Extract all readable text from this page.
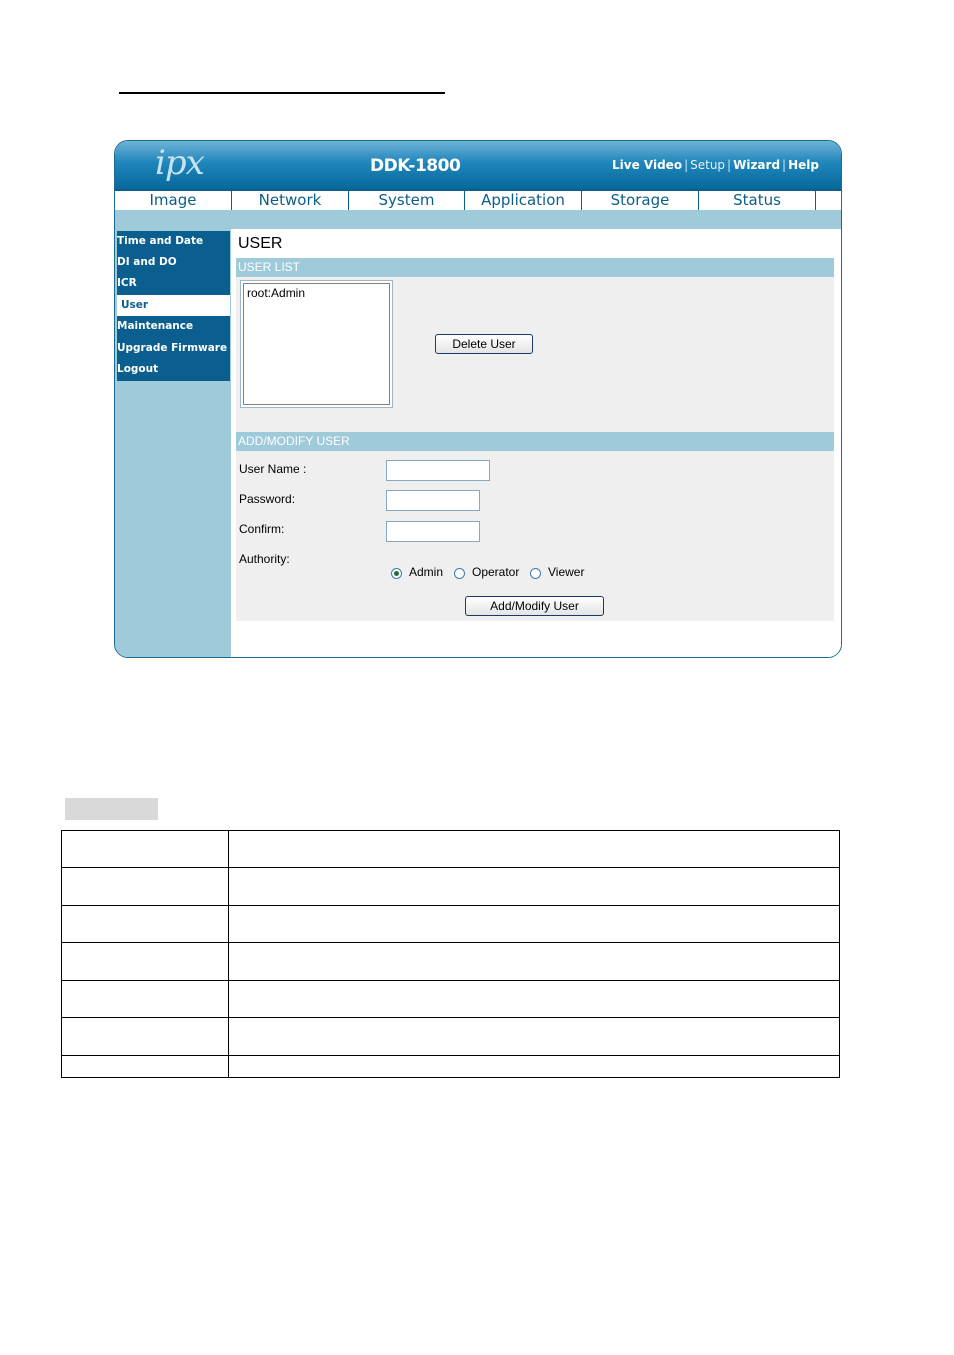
ipx	DDK-1800	Live Video | Setup | Wizard | Help
Image	Network	System	Application	Storage	Status
Time and Date
DI and DO
ICR
User
Maintenance
Upgrade Firmware
Logout
USER
USER LIST
root:Admin
Delete User
ADD/MODIFY USER
User Name :
Password:
Confirm:
Authority:
Admin Operator Viewer
Add/Modify User
